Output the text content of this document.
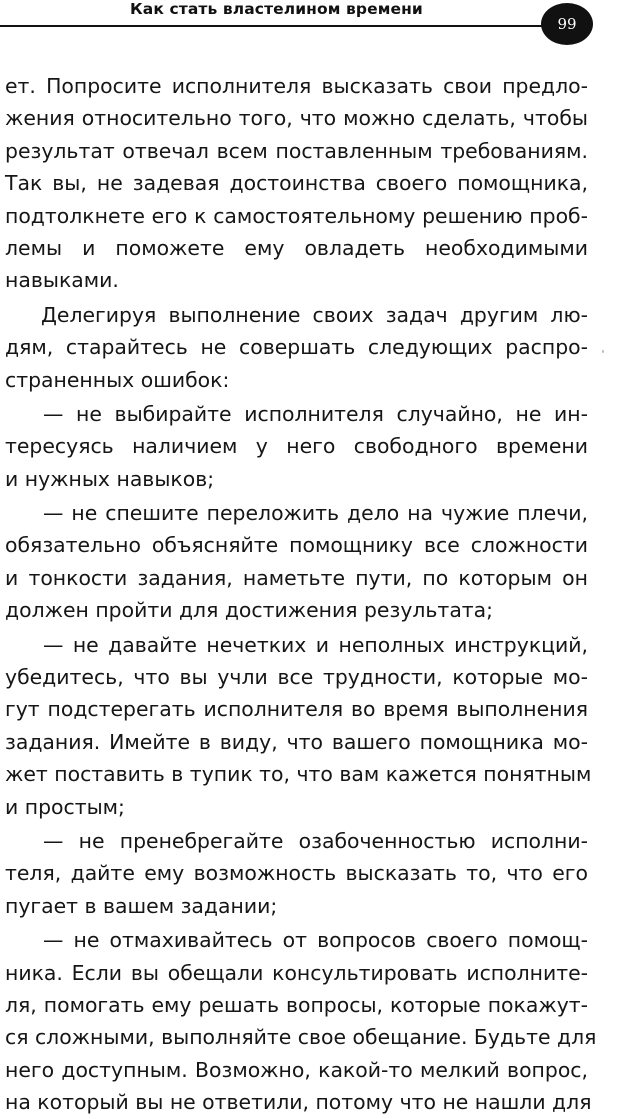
Как стать властелином времени
99
ет. Попросите исполнителя высказать свои предло-
жения относительно того, что можно сделать, чтобы
результат отвечал всем поставленным требованиям.
Так вы, не задевая достоинства своего помощника,
подтолкнете его к самостоятельному решению проб-
лемы и поможете ему овладеть необходимыми
навыками.
Делегируя выполнение своих задач другим лю-
дям, старайтесь не совершать следующих распро-
страненных ошибок:
— не выбирайте исполнителя случайно, не ин-
тересуясь наличием у него свободного времени
и нужных навыков;
— не спешите переложить дело на чужие плечи,
обязательно объясняйте помощнику все сложности
и тонкости задания, наметьте пути, по которым он
должен пройти для достижения результата;
— не давайте нечетких и неполных инструкций,
убедитесь, что вы учли все трудности, которые мо-
гут подстерегать исполнителя во время выполнения
задания. Имейте в виду, что вашего помощника мо-
жет поставить в тупик то, что вам кажется понятным
и простым;
— не пренебрегайте озабоченностью исполни-
теля, дайте ему возможность высказать то, что его
пугает в вашем задании;
— не отмахивайтесь от вопросов своего помощ-
ника. Если вы обещали консультировать исполните-
ля, помогать ему решать вопросы, которые покажут-
ся сложными, выполняйте свое обещание. Будьте для
него доступным. Возможно, какой-то мелкий вопрос,
на который вы не ответили, потому что не нашли для
